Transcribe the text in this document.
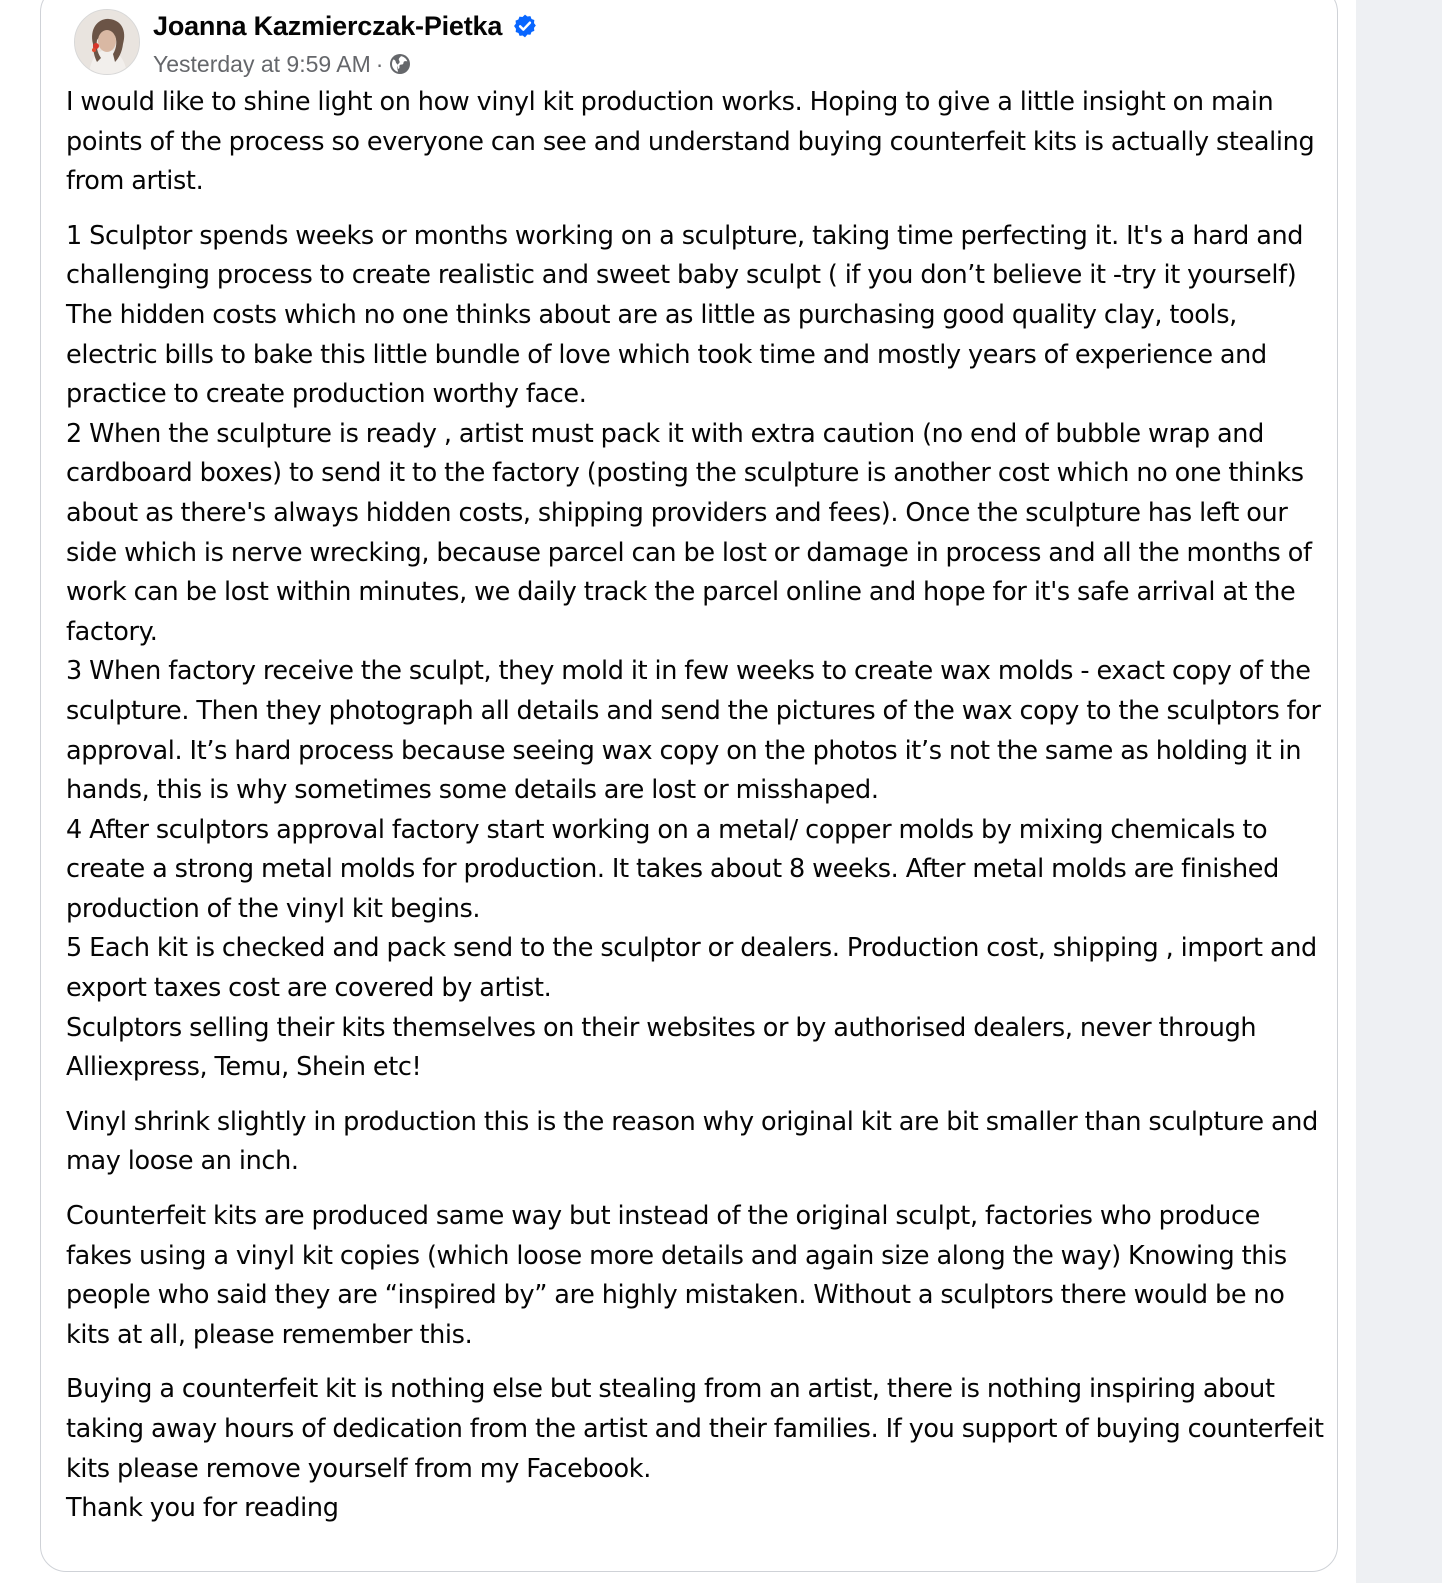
Joanna Kazmierczak-Pietka
Yesterday at 9:59 AM ·

I would like to shine light on how vinyl kit production works. Hoping to give a little insight on main points of the process so everyone can see and understand buying counterfeit kits is actually stealing from artist.

1 Sculptor spends weeks or months working on a sculpture, taking time perfecting it. It's a hard and challenging process to create realistic and sweet baby sculpt ( if you don’t believe it -try it yourself) The hidden costs which no one thinks about are as little as purchasing good quality clay, tools, electric bills to bake this little bundle of love which took time and mostly years of experience and practice to create production worthy face.
2 When the sculpture is ready , artist must pack it with extra caution (no end of bubble wrap and cardboard boxes) to send it to the factory (posting the sculpture is another cost which no one thinks about as there's always hidden costs, shipping providers and fees). Once the sculpture has left our side which is nerve wrecking, because parcel can be lost or damage in process and all the months of work can be lost within minutes, we daily track the parcel online and hope for it's safe arrival at the factory.
3 When factory receive the sculpt, they mold it in few weeks to create wax molds - exact copy of the sculpture. Then they photograph all details and send the pictures of the wax copy to the sculptors for approval. It’s hard process because seeing wax copy on the photos it’s not the same as holding it in hands, this is why sometimes some details are lost or misshaped.
4 After sculptors approval factory start working on a metal/ copper molds by mixing chemicals to create a strong metal molds for production. It takes about 8 weeks. After metal molds are finished production of the vinyl kit begins.
5 Each kit is checked and pack send to the sculptor or dealers. Production cost, shipping , import and export taxes cost are covered by artist.
Sculptors selling their kits themselves on their websites or by authorised dealers, never through Alliexpress, Temu, Shein etc!

Vinyl shrink slightly in production this is the reason why original kit are bit smaller than sculpture and may loose an inch.

Counterfeit kits are produced same way but instead of the original sculpt, factories who produce fakes using a vinyl kit copies (which loose more details and again size along the way) Knowing this people who said they are “inspired by” are highly mistaken. Without a sculptors there would be no kits at all, please remember this.

Buying a counterfeit kit is nothing else but stealing from an artist, there is nothing inspiring about taking away hours of dedication from the artist and their families. If you support of buying counterfeit kits please remove yourself from my Facebook.
Thank you for reading
